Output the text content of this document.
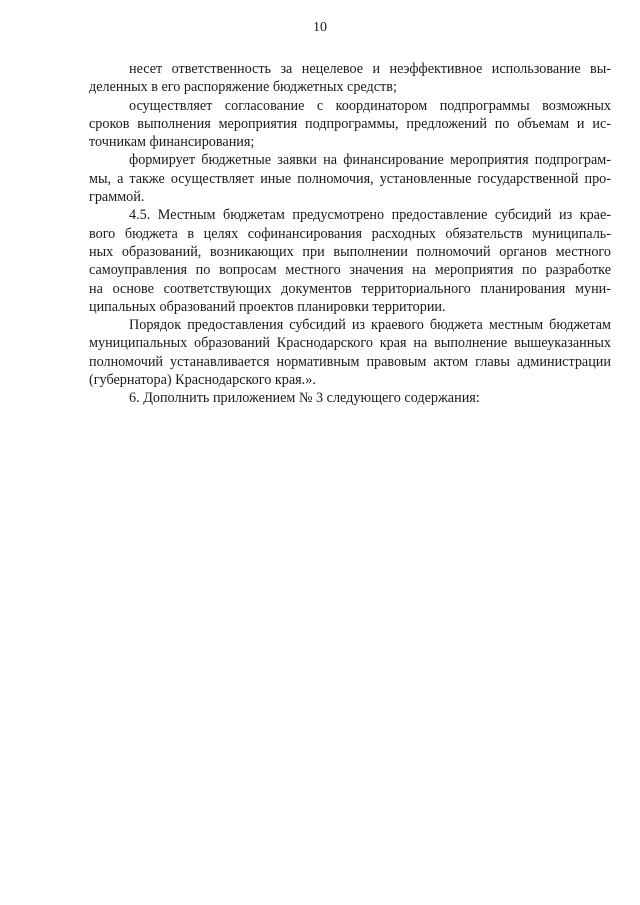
10
несет ответственность за нецелевое и неэффективное использование вы-
деленных в его распоряжение бюджетных средств;
осуществляет согласование с координатором подпрограммы возможных
сроков выполнения мероприятия подпрограммы, предложений по объемам и ис-
точникам финансирования;
формирует бюджетные заявки на финансирование мероприятия подпрограм-
мы, а также осуществляет иные полномочия, установленные государственной про-
граммой.
4.5. Местным бюджетам предусмотрено предоставление субсидий из крае-
вого бюджета в целях софинансирования расходных обязательств муниципаль-
ных образований, возникающих при выполнении полномочий органов местного
самоуправления по вопросам местного значения на мероприятия по разработке
на основе соответствующих документов территориального планирования муни-
ципальных образований проектов планировки территории.
Порядок предоставления субсидий из краевого бюджета местным бюджетам
муниципальных образований Краснодарского края на выполнение вышеуказанных
полномочий устанавливается нормативным правовым актом главы администрации
(губернатора) Краснодарского края.».
6. Дополнить приложением № 3 следующего содержания:
